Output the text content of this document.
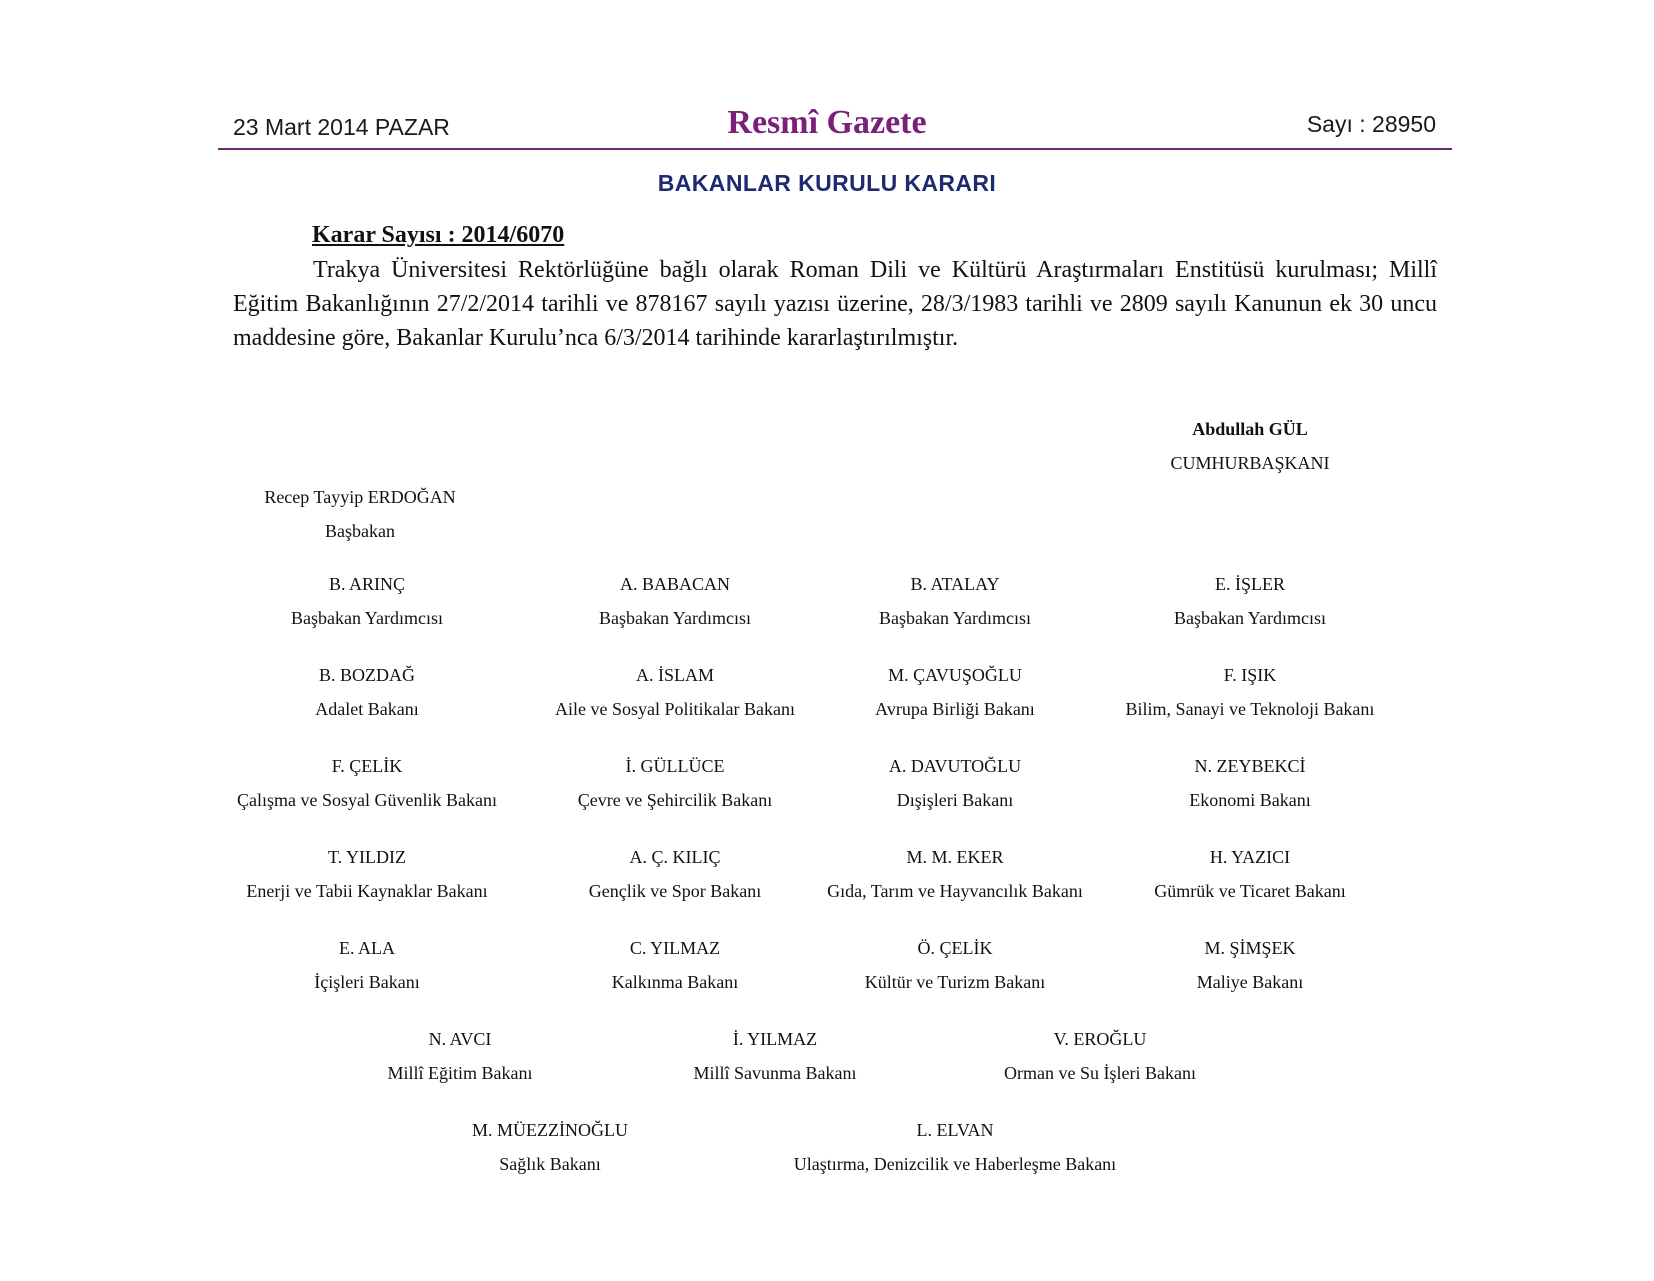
23 Mart 2014 PAZAR	Resmî Gazete	Sayı : 28950
BAKANLAR KURULU KARARI
Karar Sayısı : 2014/6070

Trakya Üniversitesi Rektörlüğüne bağlı olarak Roman Dili ve Kültürü Araştırmaları Enstitüsü kurulması; Millî Eğitim Bakanlığının 27/2/2014 tarihli ve 878167 sayılı yazısı üzerine, 28/3/1983 tarihli ve 2809 sayılı Kanunun ek 30 uncu maddesine göre, Bakanlar Kurulu’nca 6/3/2014 tarihinde kararlaştırılmıştır.

Abdullah GÜL
CUMHURBAŞKANI
Recep Tayyip ERDOĞAN
Başbakan
B. ARINÇ
Başbakan Yardımcısı
A. BABACAN
Başbakan Yardımcısı
B. ATALAY
Başbakan Yardımcısı
E. İŞLER
Başbakan Yardımcısı
B. BOZDAĞ
Adalet Bakanı
A. İSLAM
Aile ve Sosyal Politikalar Bakanı
M. ÇAVUŞOĞLU
Avrupa Birliği Bakanı
F. IŞIK
Bilim, Sanayi ve Teknoloji Bakanı
F. ÇELİK
Çalışma ve Sosyal Güvenlik Bakanı
İ. GÜLLÜCE
Çevre ve Şehircilik Bakanı
A. DAVUTOĞLU
Dışişleri Bakanı
N. ZEYBEKCİ
Ekonomi Bakanı
T. YILDIZ
Enerji ve Tabii Kaynaklar Bakanı
A. Ç. KILIÇ
Gençlik ve Spor Bakanı
M. M. EKER
Gıda, Tarım ve Hayvancılık Bakanı
H. YAZICI
Gümrük ve Ticaret Bakanı
E. ALA
İçişleri Bakanı
C. YILMAZ
Kalkınma Bakanı
Ö. ÇELİK
Kültür ve Turizm Bakanı
M. ŞİMŞEK
Maliye Bakanı
N. AVCI
Millî Eğitim Bakanı
İ. YILMAZ
Millî Savunma Bakanı
V. EROĞLU
Orman ve Su İşleri Bakanı
M. MÜEZZİNOĞLU
Sağlık Bakanı
L. ELVAN
Ulaştırma, Denizcilik ve Haberleşme Bakanı
